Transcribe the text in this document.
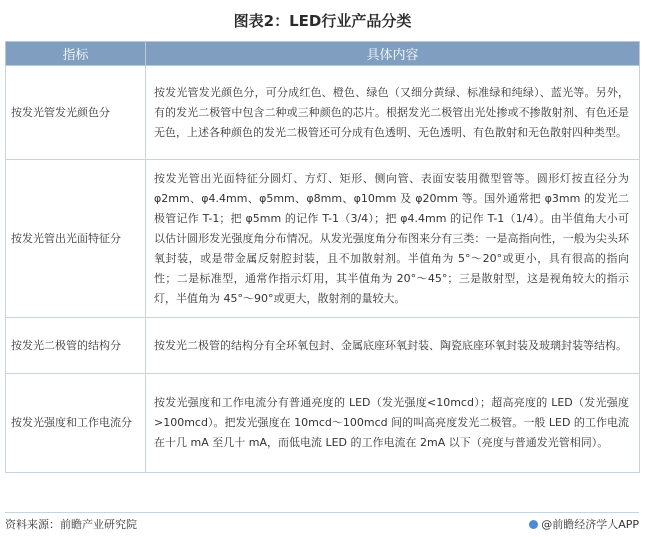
图表2：LED行业产品分类
指标	具体内容
按发光管发光颜色分	按发光管发光颜色分，可分成红色、橙色、绿色（又细分黄绿、标准绿和纯绿）、蓝光等。另外，有的发光二极管中包含二种或三种颜色的芯片。根据发光二极管出光处掺或不掺散射剂、有色还是无色，上述各种颜色的发光二极管还可分成有色透明、无色透明、有色散射和无色散射四种类型。
按发光管出光面特征分	按发光管出光面特征分圆灯、方灯、矩形、侧向管、表面安装用微型管等。圆形灯按直径分为 φ2mm、φ4.4mm、φ5mm、φ8mm、φ10mm 及 φ20mm 等。国外通常把 φ3mm 的发光二极管记作 T-1；把 φ5mm 的记作 T-1（3/4）；把 φ4.4mm 的记作 T-1（1/4）。由半值角大小可以估计圆形发光强度角分布情况。从发光强度角分布图来分有三类：一是高指向性，一般为尖头环氧封装，或是带金属反射腔封装，且不加散射剂。半值角为 5°～20°或更小，具有很高的指向性；二是标准型，通常作指示灯用，其半值角为 20°～45°；三是散射型，这是视角较大的指示灯，半值角为 45°～90°或更大，散射剂的量较大。
按发光二极管的结构分	按发光二极管的结构分有全环氧包封、金属底座环氧封装、陶瓷底座环氧封装及玻璃封装等结构。
按发光强度和工作电流分	按发光强度和工作电流分有普通亮度的 LED（发光强度<10mcd）；超高亮度的 LED（发光强度>100mcd）。把发光强度在 10mcd～100mcd 间的叫高亮度发光二极管。一般 LED 的工作电流在十几 mA 至几十 mA，而低电流 LED 的工作电流在 2mA 以下（亮度与普通发光管相同）。
资料来源：前瞻产业研究院	@前瞻经济学人APP
